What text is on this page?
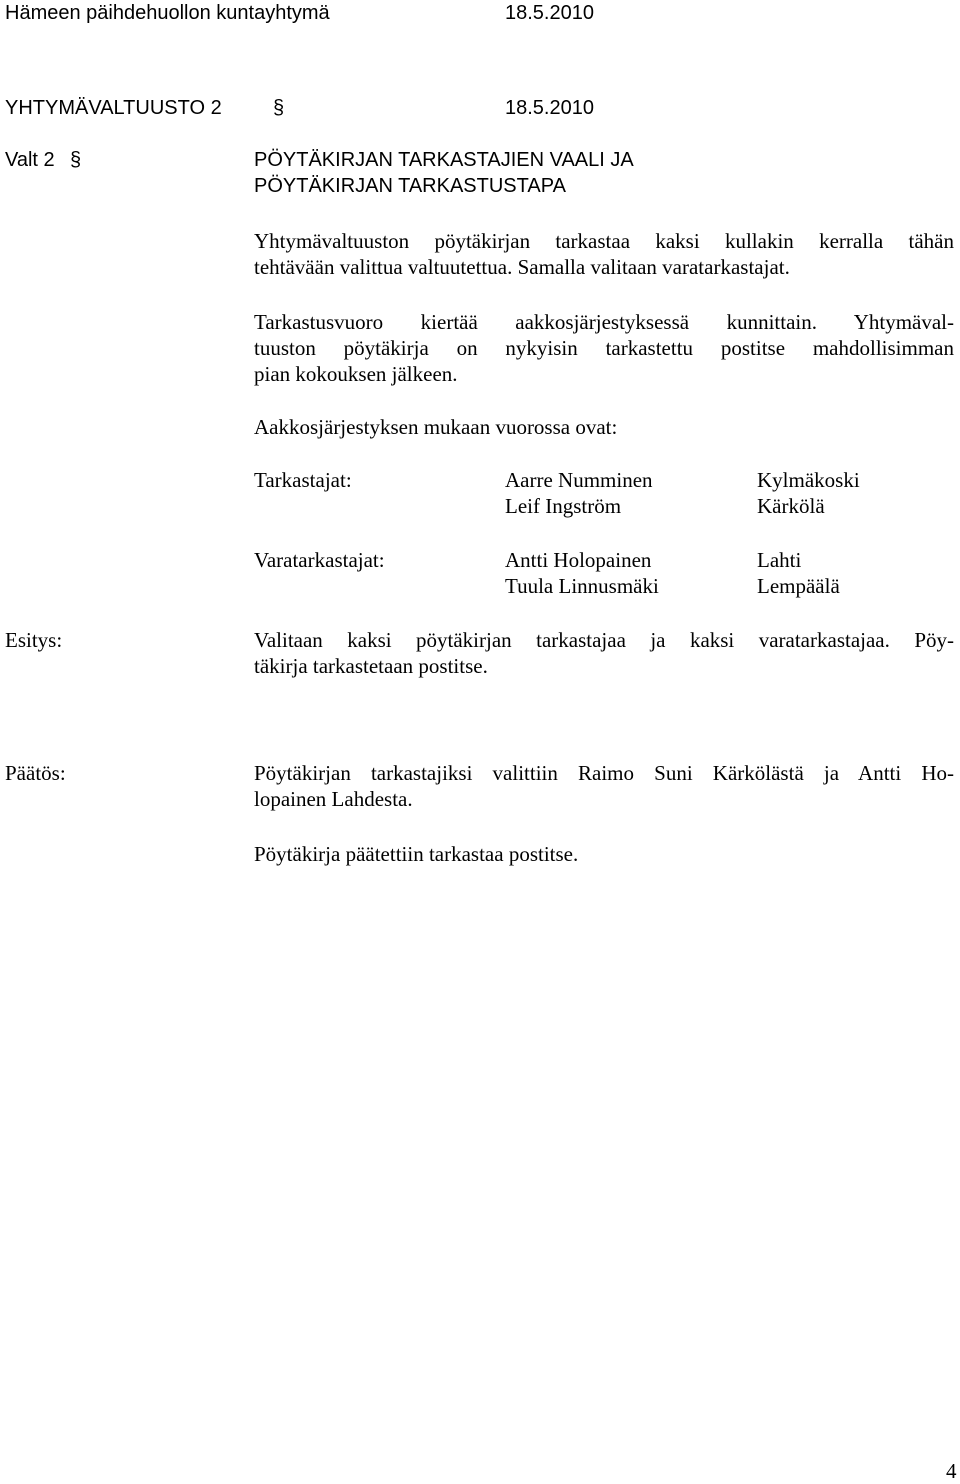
Hämeen päihdehuollon kuntayhtymä	18.5.2010
YHTYMÄVALTUUSTO 2	§	18.5.2010
Valt 2 §	PÖYTÄKIRJAN TARKASTAJIEN VAALI JA
PÖYTÄKIRJAN TARKASTUSTAPA
Yhtymävaltuuston pöytäkirjan tarkastaa kaksi kullakin kerralla tähän
tehtävään valittua valtuutettua. Samalla valitaan varatarkastajat.
Tarkastusvuoro kiertää aakkosjärjestyksessä kunnittain. Yhtymäval-
tuuston pöytäkirja on nykyisin tarkastettu postitse mahdollisimman
pian kokouksen jälkeen.
Aakkosjärjestyksen mukaan vuorossa ovat:
Tarkastajat:	Aarre Numminen	Kylmäkoski
Leif Ingström	Kärkölä
Varatarkastajat:	Antti Holopainen	Lahti
Tuula Linnusmäki	Lempäälä
Esitys:	Valitaan kaksi pöytäkirjan tarkastajaa ja kaksi varatarkastajaa. Pöy-
täkirja tarkastetaan postitse.
Päätös:	Pöytäkirjan tarkastajiksi valittiin Raimo Suni Kärkölästä ja Antti Ho-
lopainen Lahdesta.
Pöytäkirja päätettiin tarkastaa postitse.
4
